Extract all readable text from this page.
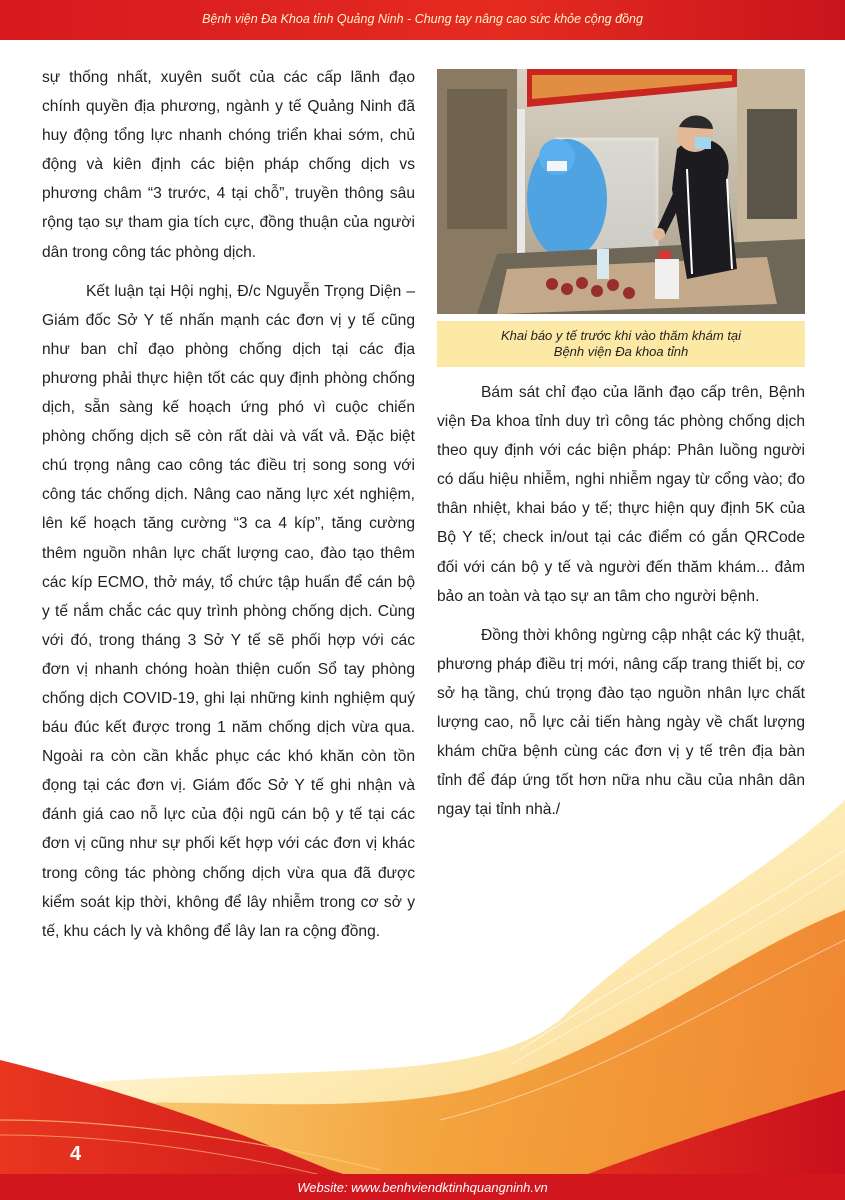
Bệnh viện Đa Khoa tỉnh Quảng Ninh - Chung tay nâng cao sức khỏe cộng đồng

sự thống nhất, xuyên suốt của các cấp lãnh đạo chính quyền địa phương, ngành y tế Quảng Ninh đã huy động tổng lực nhanh chóng triển khai sớm, chủ động và kiên định các biện pháp chống dịch vs phương châm “3 trước, 4 tại chỗ”, truyền thông sâu rộng tạo sự tham gia tích cực, đồng thuận của người dân trong công tác phòng dịch.

Kết luận tại Hội nghị, Đ/c Nguyễn Trọng Diện – Giám đốc Sở Y tế nhấn mạnh các đơn vị y tế cũng như ban chỉ đạo phòng chống dịch tại các địa phương phải thực hiện tốt các quy định phòng chống dịch, sẵn sàng kế hoạch ứng phó vì cuộc chiến phòng chống dịch sẽ còn rất dài và vất vả. Đặc biệt chú trọng nâng cao công tác điều trị song song với công tác chống dịch. Nâng cao năng lực xét nghiệm, lên kế hoạch tăng cường “3 ca 4 kíp”, tăng cường thêm nguồn nhân lực chất lượng cao, đào tạo thêm các kíp ECMO, thở máy, tổ chức tập huấn để cán bộ y tế nắm chắc các quy trình phòng chống dịch. Cùng với đó, trong tháng 3 Sở Y tế sẽ phối hợp với các đơn vị nhanh chóng hoàn thiện cuốn Sổ tay phòng chống dịch COVID-19, ghi lại những kinh nghiệm quý báu đúc kết được trong 1 năm chống dịch vừa qua. Ngoài ra còn cần khắc phục các khó khăn còn tồn đọng tại các đơn vị. Giám đốc Sở Y tế ghi nhận và đánh giá cao nỗ lực của đội ngũ cán bộ y tế tại các đơn vị cũng như sự phối kết hợp với các đơn vị khác trong công tác phòng chống dịch vừa qua đã được kiểm soát kịp thời, không để lây nhiễm trong cơ sở y tế, khu cách ly và không để lây lan ra cộng đồng.

Khai báo y tế trước khi vào thăm khám tại
Bệnh viện Đa khoa tỉnh

Bám sát chỉ đạo của lãnh đạo cấp trên, Bệnh viện Đa khoa tỉnh duy trì công tác phòng chống dịch theo quy định với các biện pháp: Phân luồng người có dấu hiệu nhiễm, nghi nhiễm ngay từ cổng vào; đo thân nhiệt, khai báo y tế; thực hiện quy định 5K của Bộ Y tế; check in/out tại các điểm có gắn QRCode đối với cán bộ y tế và người đến thăm khám... đảm bảo an toàn và tạo sự an tâm cho người bệnh.

Đồng thời không ngừng cập nhật các kỹ thuật, phương pháp điều trị mới, nâng cấp trang thiết bị, cơ sở hạ tầng, chú trọng đào tạo nguồn nhân lực chất lượng cao, nỗ lực cải tiến hàng ngày về chất lượng khám chữa bệnh cùng các đơn vị y tế trên địa bàn tỉnh để đáp ứng tốt hơn nữa nhu cầu của nhân dân ngay tại tỉnh nhà./

4
Website: www.benhviendktinhquangninh.vn
